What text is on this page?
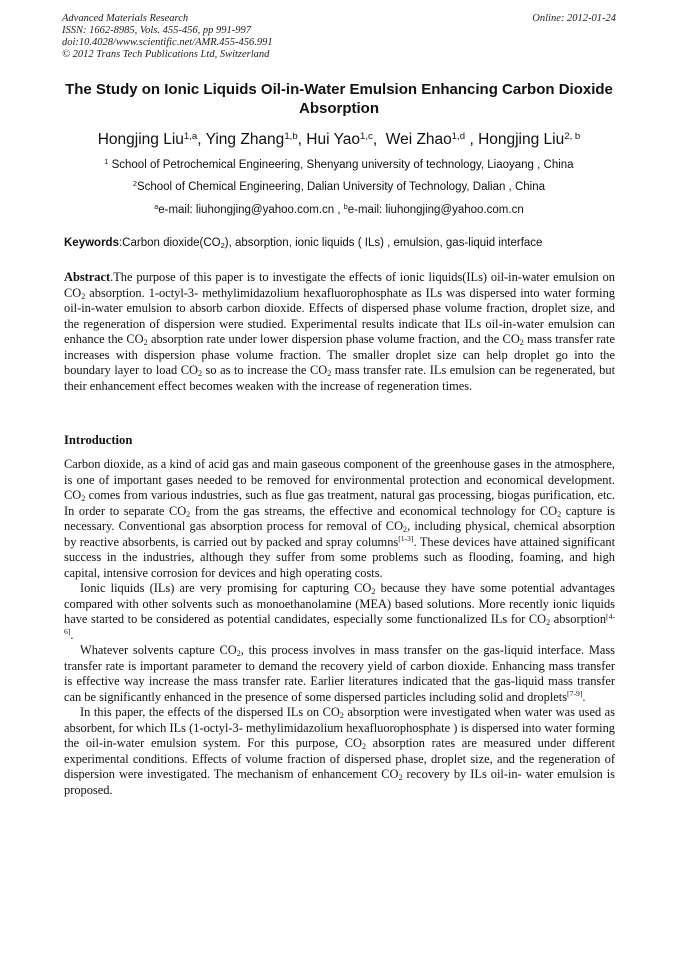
Advanced Materials Research
ISSN: 1662-8985, Vols. 455-456, pp 991-997
doi:10.4028/www.scientific.net/AMR.455-456.991
© 2012 Trans Tech Publications Ltd, Switzerland
Online: 2012-01-24
The Study on Ionic Liquids Oil-in-Water Emulsion Enhancing Carbon Dioxide Absorption
Hongjing Liu$^{1,a}$, Ying Zhang$^{1,b}$, Hui Yao$^{1,c}$,  Wei Zhao$^{1,d}$ , Hongjing Liu$^{2, b}$
$^1$ School of Petrochemical Engineering, Shenyang university of technology, Liaoyang , China
$^2$School of Chemical Engineering, Dalian University of Technology, Dalian , China
$^a$e-mail: liuhongjing@yahoo.com.cn , $^b$e-mail: liuhongjing@yahoo.com.cn
Keywords:Carbon $dioxide(CO_2)$, absorption, ionic liquids ( ILs) , emulsion, gas-liquid interface

Abstract.The purpose of this paper is to investigate the effects of ionic liquids(ILs) oil-in-water emulsion on $CO_2$ absorption. 1-octyl-3- methylimidazolium hexafluorophosphate as ILs was dispersed into water forming oil-in-water emulsion to absorb carbon dioxide. Effects of dispersed phase volume fraction, droplet size, and the regeneration of dispersion were studied. Experimental results indicate that ILs oil-in-water emulsion can enhance the $CO_2$ absorption rate under lower dispersion phase volume fraction, and the $CO_2$ mass transfer rate increases with dispersion phase volume fraction. The smaller droplet size can help droplet go into the boundary layer to load $CO_2$ so as to increase the $CO_2$ mass transfer rate. ILs emulsion can be regenerated, but their enhancement effect becomes weaken with the increase of regeneration times.

Introduction

Carbon dioxide, as a kind of acid gas and main gaseous component of the greenhouse gases in the atmosphere, is one of important gases needed to be removed for environmental protection and economical development. $CO_2$ comes from various industries, such as flue gas treatment, natural gas processing, biogas purification, etc. In order to separate $CO_2$ from the gas streams, the effective and economical technology for $CO_2$ capture is necessary. Conventional gas absorption process for removal of $CO_2$, including physical, chemical absorption by reactive absorbents, is carried out by packed and spray columns[1-3]. These devices have attained significant success in the industries, although they suffer from some problems such as flooding, foaming, and high capital, intensive corrosion for devices and high operating costs.

Ionic liquids (ILs) are very promising for capturing $CO_2$ because they have some potential advantages compared with other solvents such as monoethanolamine (MEA) based solutions. More recently ionic liquids have started to be considered as potential candidates, especially some functionalized ILs for $CO_2$ absorption[4-6].

Whatever solvents capture $CO_2$, this process involves in mass transfer on the gas-liquid interface. Mass transfer rate is important parameter to demand the recovery yield of carbon dioxide. Enhancing mass transfer is effective way increase the mass transfer rate. Earlier literatures indicated that the gas-liquid mass transfer can be significantly enhanced in the presence of some dispersed particles including solid and droplets[7-9].

In this paper, the effects of the dispersed ILs on $CO_2$ absorption were investigated when water was used as absorbent, for which ILs (1-octyl-3- methylimidazolium hexafluorophosphate ) is dispersed into water forming the oil-in-water emulsion system. For this purpose, $CO_2$ absorption rates are measured under different experimental conditions. Effects of volume fraction of dispersed phase, droplet size, and the regeneration of dispersion were investigated. The mechanism of enhancement $CO_2$ recovery by ILs oil-in- water emulsion is proposed.
